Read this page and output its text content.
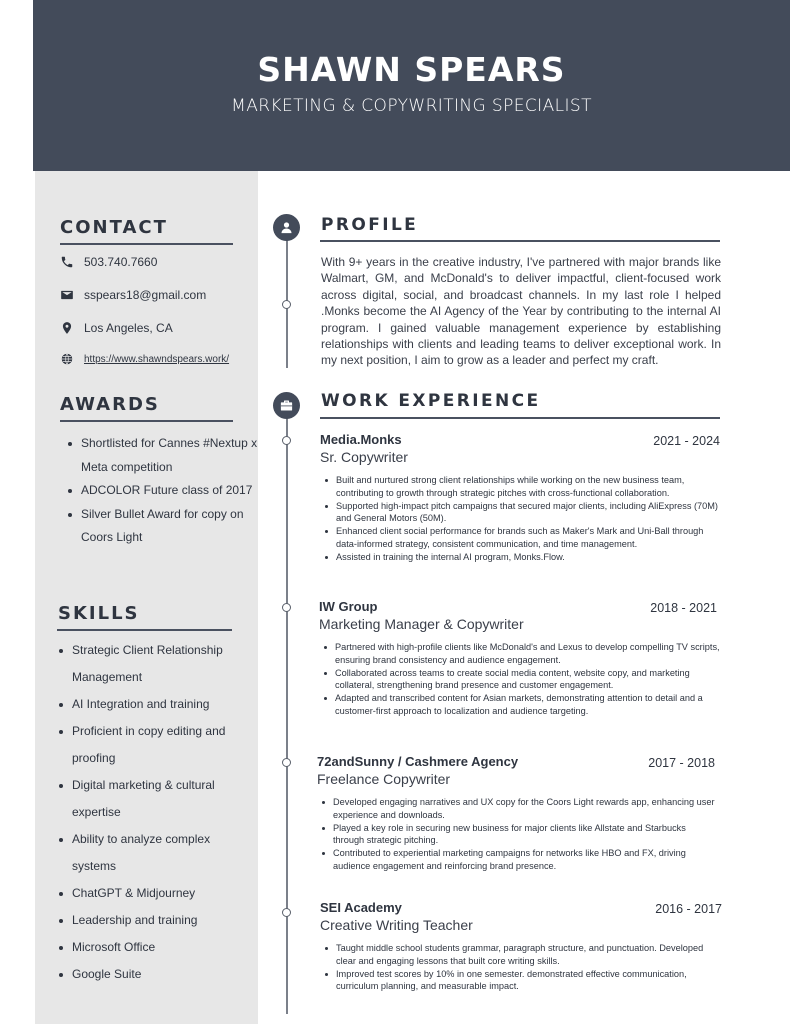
SHAWN SPEARS
MARKETING & COPYWRITING SPECIALIST
CONTACT
503.740.7660
sspears18@gmail.com
Los Angeles, CA
https://www.shawndspears.work/
AWARDS
Shortlisted for Cannes #Nextup x Meta competition
ADCOLOR Future class of 2017
Silver Bullet Award for copy on Coors Light
SKILLS
Strategic Client Relationship Management
AI Integration and training
Proficient in copy editing and proofing
Digital marketing & cultural expertise
Ability to analyze complex systems
ChatGPT & Midjourney
Leadership and training
Microsoft Office
Google Suite
PROFILE
With 9+ years in the creative industry, I've partnered with major brands like Walmart, GM, and McDonald's to deliver impactful, client-focused work across digital, social, and broadcast channels. In my last role I helped .Monks become the AI Agency of the Year by contributing to the internal AI program. I gained valuable management experience by establishing relationships with clients and leading teams to deliver exceptional work. In my next position, I aim to grow as a leader and perfect my craft.
WORK EXPERIENCE
Media.Monks	2021 - 2024
Sr. Copywriter
Built and nurtured strong client relationships while working on the new business team, contributing to growth through strategic pitches with cross-functional collaboration.
Supported high-impact pitch campaigns that secured major clients, including AliExpress (70M) and General Motors (50M).
Enhanced client social performance for brands such as Maker's Mark and Uni-Ball through data-informed strategy, consistent communication, and time management.
Assisted in training the internal AI program, Monks.Flow.
IW Group	2018 - 2021
Marketing Manager & Copywriter
Partnered with high-profile clients like McDonald's and Lexus to develop compelling TV scripts, ensuring brand consistency and audience engagement.
Collaborated across teams to create social media content, website copy, and marketing collateral, strengthening brand presence and customer engagement.
Adapted and transcribed content for Asian markets, demonstrating attention to detail and a customer-first approach to localization and audience targeting.
72andSunny / Cashmere Agency	2017 - 2018
Freelance Copywriter
Developed engaging narratives and UX copy for the Coors Light rewards app, enhancing user experience and downloads.
Played a key role in securing new business for major clients like Allstate and Starbucks through strategic pitching.
Contributed to experiential marketing campaigns for networks like HBO and FX, driving audience engagement and reinforcing brand presence.
SEI Academy	2016 - 2017
Creative Writing Teacher
Taught middle school students grammar, paragraph structure, and punctuation. Developed clear and engaging lessons that built core writing skills.
Improved test scores by 10% in one semester. demonstrated effective communication, curriculum planning, and measurable impact.
